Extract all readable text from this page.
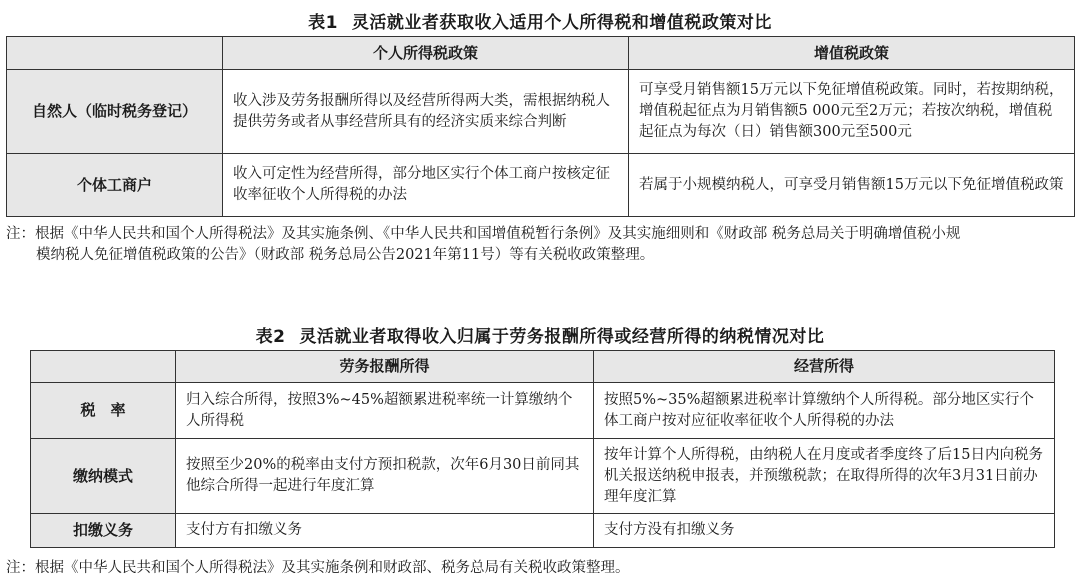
表1 灵活就业者获取收入适用个人所得税和增值税政策对比
	个人所得税政策	增值税政策
自然人（临时税务登记）	收入涉及劳务报酬所得以及经营所得两大类，需根据纳税人提供劳务或者从事经营所具有的经济实质来综合判断	可享受月销售额15万元以下免征增值税政策。同时，若按期纳税，增值税起征点为月销售额5 000元至2万元；若按次纳税，增值税起征点为每次（日）销售额300元至500元
个体工商户	收入可定性为经营所得，部分地区实行个体工商户按核定征收率征收个人所得税的办法	若属于小规模纳税人，可享受月销售额15万元以下免征增值税政策
注：根据《中华人民共和国个人所得税法》及其实施条例、《中华人民共和国增值税暂行条例》及其实施细则和《财政部 税务总局关于明确增值税小规
模纳税人免征增值税政策的公告》（财政部 税务总局公告2021年第11号）等有关税收政策整理。
表2 灵活就业者取得收入归属于劳务报酬所得或经营所得的纳税情况对比
	劳务报酬所得	经营所得
税　率	归入综合所得，按照3%~45%超额累进税率统一计算缴纳个人所得税	按照5%~35%超额累进税率计算缴纳个人所得税。部分地区实行个体工商户按对应征收率征收个人所得税的办法
缴纳模式	按照至少20%的税率由支付方预扣税款，次年6月30日前同其他综合所得一起进行年度汇算	按年计算个人所得税，由纳税人在月度或者季度终了后15日内向税务机关报送纳税申报表，并预缴税款；在取得所得的次年3月31日前办理年度汇算
扣缴义务	支付方有扣缴义务	支付方没有扣缴义务
注：根据《中华人民共和国个人所得税法》及其实施条例和财政部、税务总局有关税收政策整理。
